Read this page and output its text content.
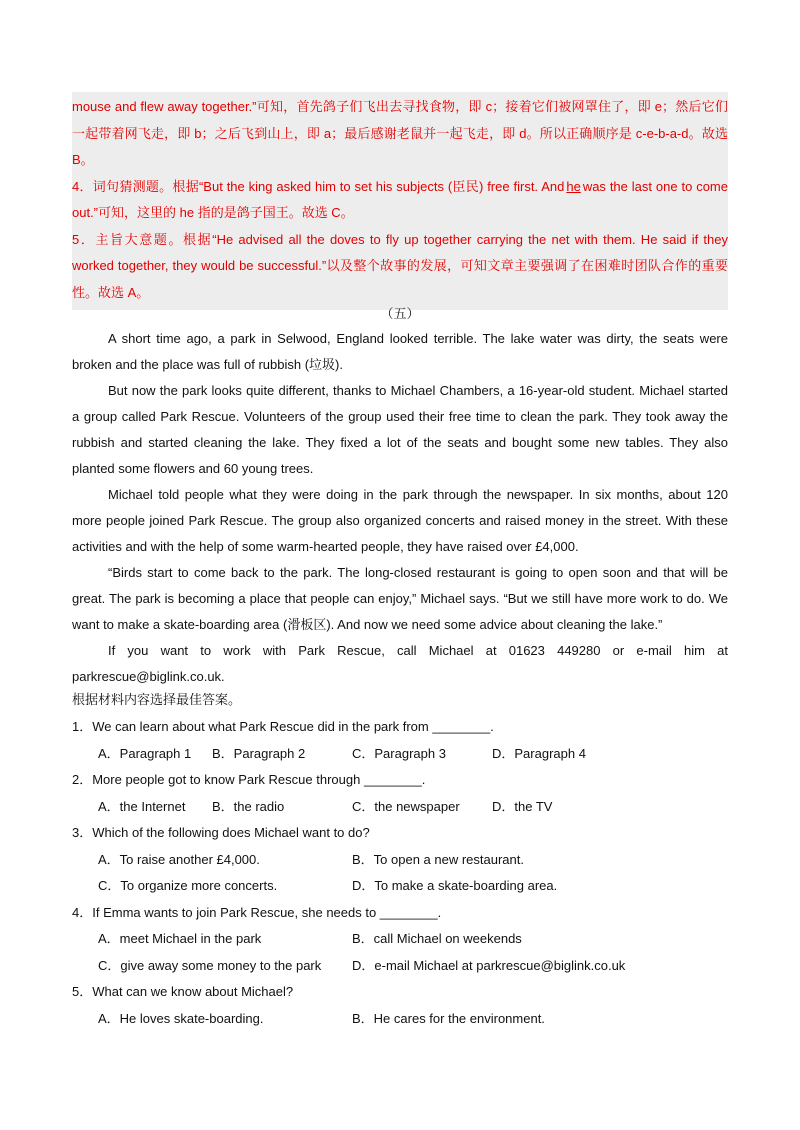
mouse and flew away together.”可知，首先鸽子们飞出去寻找食物，即 c；接着它们被网罩住了，即 e；然后它们一起带着网飞走，即 b；之后飞到山上，即 a；最后感谢老鼠并一起飞走，即 d。所以正确顺序是 c-e-b-a-d。故选 B。

4．词句猜测题。根据“But the king asked him to set his subjects (臣民) free first. And he was the last one to come out.”可知，这里的 he 指的是鸽子国王。故选 C。

5．主旨大意题。根据“He advised all the doves to fly up together carrying the net with them. He said if they worked together, they would be successful.”以及整个故事的发展，可知文章主要强调了在困难时团队合作的重要性。故选 A。

（五）

A short time ago, a park in Selwood, England looked terrible. The lake water was dirty, the seats were broken and the place was full of rubbish (垃圾).

But now the park looks quite different, thanks to Michael Chambers, a 16-year-old student. Michael started a group called Park Rescue. Volunteers of the group used their free time to clean the park. They took away the rubbish and started cleaning the lake. They fixed a lot of the seats and bought some new tables. They also planted some flowers and 60 young trees.

Michael told people what they were doing in the park through the newspaper. In six months, about 120 more people joined Park Rescue. The group also organized concerts and raised money in the street. With these activities and with the help of some warm-hearted people, they have raised over £4,000.

“Birds start to come back to the park. The long-closed restaurant is going to open soon and that will be great. The park is becoming a place that people can enjoy,” Michael says. “But we still have more work to do. We want to make a skate-boarding area (滑板区). And now we need some advice about cleaning the lake.”

If you want to work with Park Rescue, call Michael at 01623 449280 or e-mail him at parkrescue@biglink.co.uk.

根据材料内容选择最佳答案。
1．We can learn about what Park Rescue did in the park from ________.
A．Paragraph 1 B．Paragraph 2	C．Paragraph 3	D．Paragraph 4
2．More people got to know Park Rescue through ________.
A．the Internet B．the radio	C．the newspaper D．the TV
3．Which of the following does Michael want to do?
A．To raise another £4,000.	B．To open a new restaurant.
C．To organize more concerts.	D．To make a skate-boarding area.
4．If Emma wants to join Park Rescue, she needs to ________.
A．meet Michael in the park	B．call Michael on weekends
C．give away some money to the park D．e-mail Michael at parkrescue@biglink.co.uk
5．What can we know about Michael?
A．He loves skate-boarding.	B．He cares for the environment.
